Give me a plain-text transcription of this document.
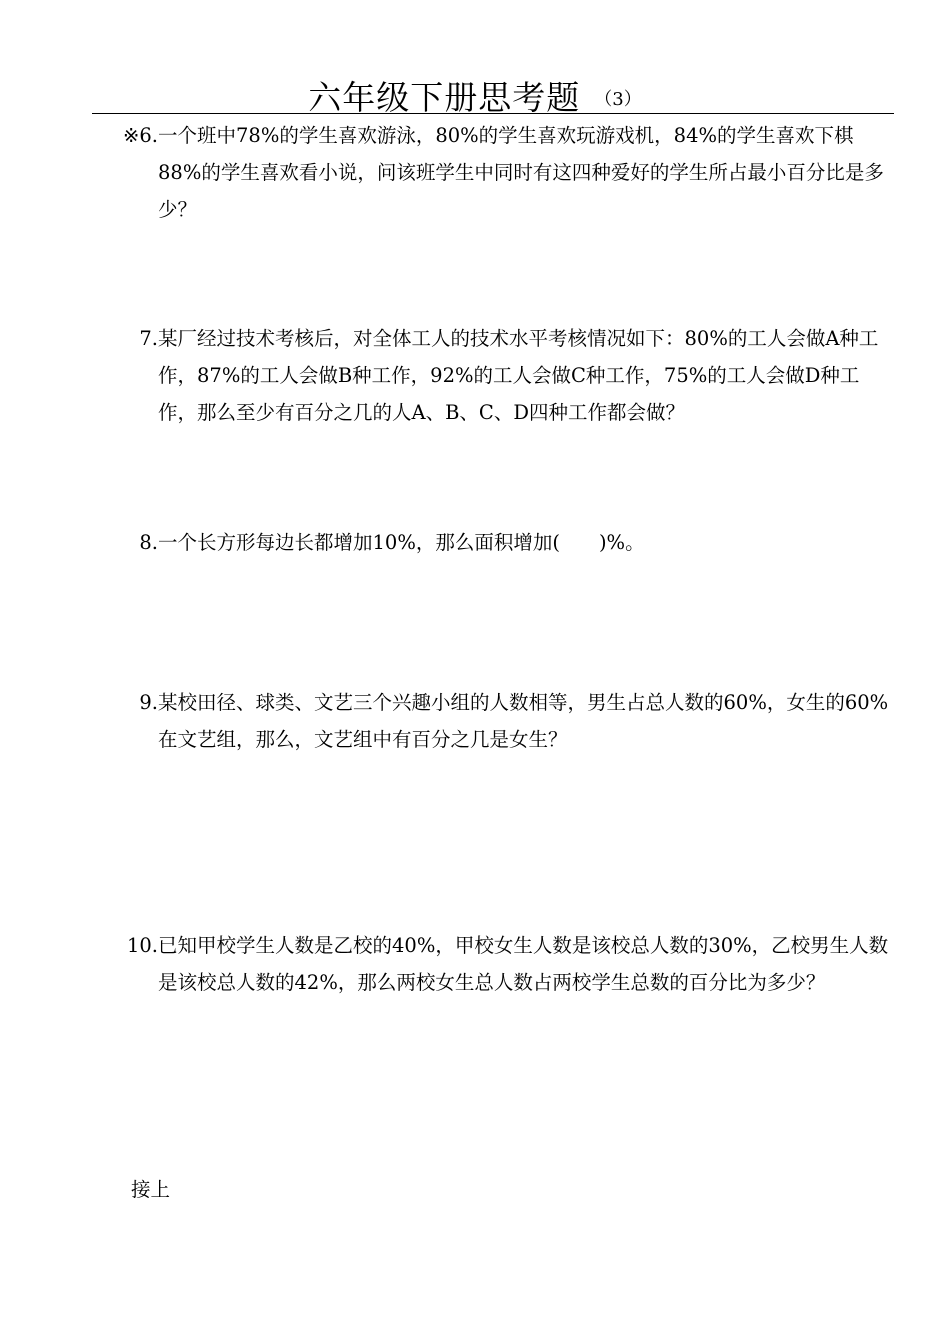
六年级下册思考题 （3）
※6. 一个班中78%的学生喜欢游泳，80%的学生喜欢玩游戏机，84%的学生喜欢下棋88%的学生喜欢看小说，问该班学生中同时有这四种爱好的学生所占最小百分比是多少？
7. 某厂经过技术考核后，对全体工人的技术水平考核情况如下：80%的工人会做A种工作，87%的工人会做B种工作，92%的工人会做C种工作，75%的工人会做D种工作，那么至少有百分之几的人A、B、C、D四种工作都会做？
8. 一个长方形每边长都增加10%，那么面积增加(　　)%。
9. 某校田径、球类、文艺三个兴趣小组的人数相等，男生占总人数的60%，女生的60%在文艺组，那么，文艺组中有百分之几是女生？
10. 已知甲校学生人数是乙校的40%，甲校女生人数是该校总人数的30%，乙校男生人数是该校总人数的42%，那么两校女生总人数占两校学生总数的百分比为多少？
接上
